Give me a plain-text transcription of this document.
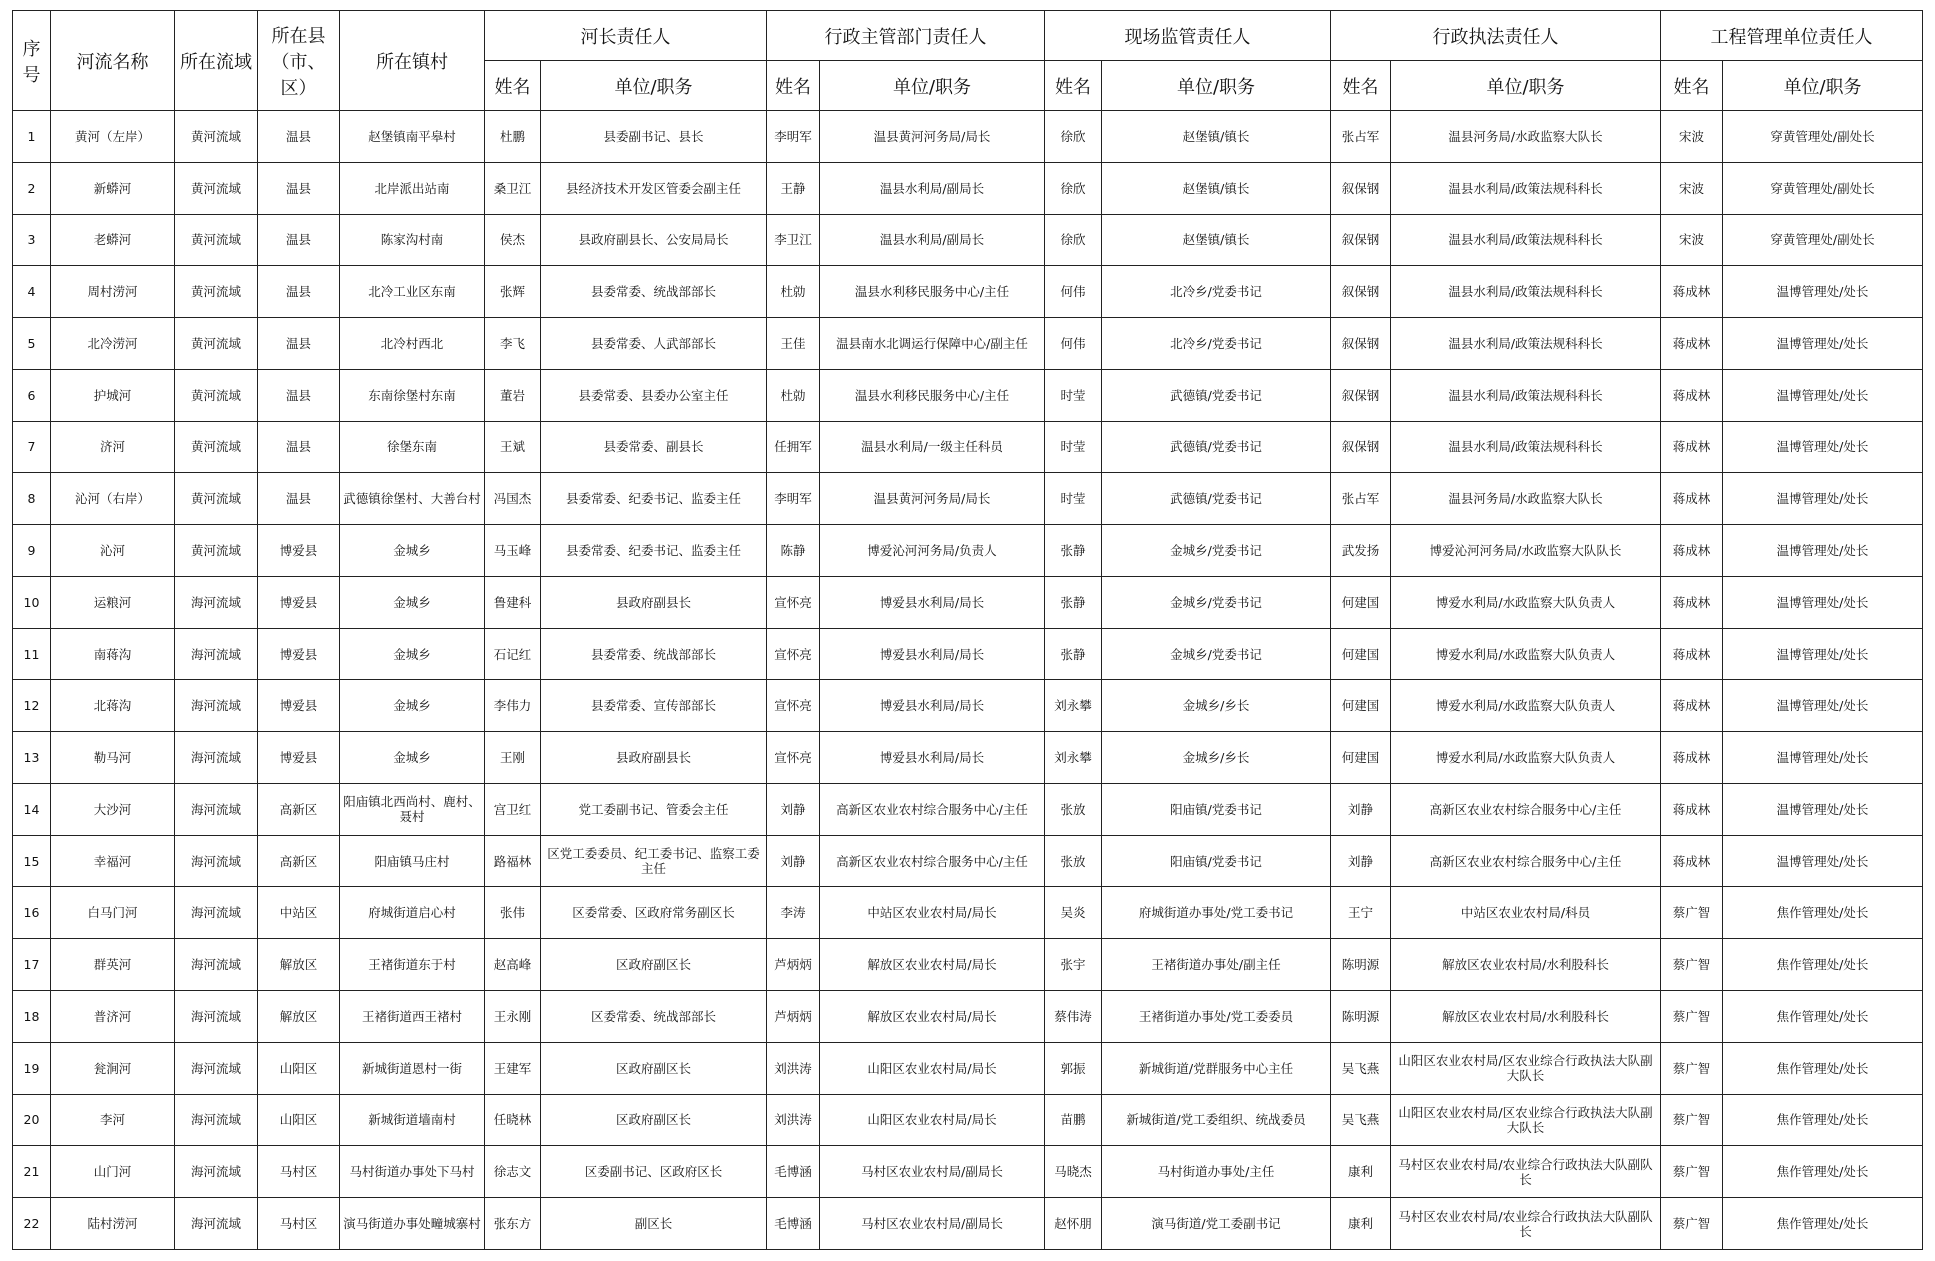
序号	河流名称	所在流域	所在县（市、区）	所在镇村	河长责任人		行政主管部门责任人		现场监管责任人		行政执法责任人		工程管理单位责任人	
					姓名	单位/职务	姓名	单位/职务	姓名	单位/职务	姓名	单位/职务	姓名	单位/职务
1	黄河（左岸）	黄河流域	温县	赵堡镇南平皋村	杜鹏	县委副书记、县长	李明军	温县黄河河务局/局长	徐欣	赵堡镇/镇长	张占军	温县河务局/水政监察大队长	宋波	穿黄管理处/副处长
2	新蟒河	黄河流域	温县	北岸派出站南	桑卫江	县经济技术开发区管委会副主任	王静	温县水利局/副局长	徐欣	赵堡镇/镇长	叙保钢	温县水利局/政策法规科科长	宋波	穿黄管理处/副处长
3	老蟒河	黄河流域	温县	陈家沟村南	侯杰	县政府副县长、公安局局长	李卫江	温县水利局/副局长	徐欣	赵堡镇/镇长	叙保钢	温县水利局/政策法规科科长	宋波	穿黄管理处/副处长
4	周村涝河	黄河流域	温县	北冷工业区东南	张辉	县委常委、统战部部长	杜勍	温县水利移民服务中心/主任	何伟	北冷乡/党委书记	叙保钢	温县水利局/政策法规科科长	蒋成林	温博管理处/处长
5	北冷涝河	黄河流域	温县	北冷村西北	李飞	县委常委、人武部部长	王佳	温县南水北调运行保障中心/副主任	何伟	北冷乡/党委书记	叙保钢	温县水利局/政策法规科科长	蒋成林	温博管理处/处长
6	护城河	黄河流域	温县	东南徐堡村东南	董岩	县委常委、县委办公室主任	杜勍	温县水利移民服务中心/主任	时莹	武德镇/党委书记	叙保钢	温县水利局/政策法规科科长	蒋成林	温博管理处/处长
7	济河	黄河流域	温县	徐堡东南	王斌	县委常委、副县长	任拥军	温县水利局/一级主任科员	时莹	武德镇/党委书记	叙保钢	温县水利局/政策法规科科长	蒋成林	温博管理处/处长
8	沁河（右岸）	黄河流域	温县	武德镇徐堡村、大善台村	冯国杰	县委常委、纪委书记、监委主任	李明军	温县黄河河务局/局长	时莹	武德镇/党委书记	张占军	温县河务局/水政监察大队长	蒋成林	温博管理处/处长
9	沁河	黄河流域	博爱县	金城乡	马玉峰	县委常委、纪委书记、监委主任	陈静	博爱沁河河务局/负责人	张静	金城乡/党委书记	武发扬	博爱沁河河务局/水政监察大队队长	蒋成林	温博管理处/处长
10	运粮河	海河流域	博爱县	金城乡	鲁建科	县政府副县长	宣怀亮	博爱县水利局/局长	张静	金城乡/党委书记	何建国	博爱水利局/水政监察大队负责人	蒋成林	温博管理处/处长
11	南蒋沟	海河流域	博爱县	金城乡	石记红	县委常委、统战部部长	宣怀亮	博爱县水利局/局长	张静	金城乡/党委书记	何建国	博爱水利局/水政监察大队负责人	蒋成林	温博管理处/处长
12	北蒋沟	海河流域	博爱县	金城乡	李伟力	县委常委、宣传部部长	宣怀亮	博爱县水利局/局长	刘永攀	金城乡/乡长	何建国	博爱水利局/水政监察大队负责人	蒋成林	温博管理处/处长
13	勒马河	海河流域	博爱县	金城乡	王刚	县政府副县长	宣怀亮	博爱县水利局/局长	刘永攀	金城乡/乡长	何建国	博爱水利局/水政监察大队负责人	蒋成林	温博管理处/处长
14	大沙河	海河流域	高新区	阳庙镇北西尚村、鹿村、聂村	宫卫红	党工委副书记、管委会主任	刘静	高新区农业农村综合服务中心/主任	张放	阳庙镇/党委书记	刘静	高新区农业农村综合服务中心/主任	蒋成林	温博管理处/处长
15	幸福河	海河流域	高新区	阳庙镇马庄村	路福林	区党工委委员、纪工委书记、监察工委主任	刘静	高新区农业农村综合服务中心/主任	张放	阳庙镇/党委书记	刘静	高新区农业农村综合服务中心/主任	蒋成林	温博管理处/处长
16	白马门河	海河流域	中站区	府城街道启心村	张伟	区委常委、区政府常务副区长	李涛	中站区农业农村局/局长	吴炎	府城街道办事处/党工委书记	王宁	中站区农业农村局/科员	蔡广智	焦作管理处/处长
17	群英河	海河流域	解放区	王褚街道东于村	赵高峰	区政府副区长	芦炳炳	解放区农业农村局/局长	张宇	王褚街道办事处/副主任	陈明源	解放区农业农村局/水利股科长	蔡广智	焦作管理处/处长
18	普济河	海河流域	解放区	王褚街道西王褚村	王永刚	区委常委、统战部部长	芦炳炳	解放区农业农村局/局长	蔡伟涛	王褚街道办事处/党工委委员	陈明源	解放区农业农村局/水利股科长	蔡广智	焦作管理处/处长
19	瓮涧河	海河流域	山阳区	新城街道恩村一街	王建军	区政府副区长	刘洪涛	山阳区农业农村局/局长	郭振	新城街道/党群服务中心主任	吴飞燕	山阳区农业农村局/区农业综合行政执法大队副大队长	蔡广智	焦作管理处/处长
20	李河	海河流域	山阳区	新城街道墙南村	任晓林	区政府副区长	刘洪涛	山阳区农业农村局/局长	苗鹏	新城街道/党工委组织、统战委员	吴飞燕	山阳区农业农村局/区农业综合行政执法大队副大队长	蔡广智	焦作管理处/处长
21	山门河	海河流域	马村区	马村街道办事处下马村	徐志文	区委副书记、区政府区长	毛博涵	马村区农业农村局/副局长	马晓杰	马村街道办事处/主任	康利	马村区农业农村局/农业综合行政执法大队副队长	蔡广智	焦作管理处/处长
22	陆村涝河	海河流域	马村区	演马街道办事处疃城寨村	张东方	副区长	毛博涵	马村区农业农村局/副局长	赵怀朋	演马街道/党工委副书记	康利	马村区农业农村局/农业综合行政执法大队副队长	蔡广智	焦作管理处/处长
